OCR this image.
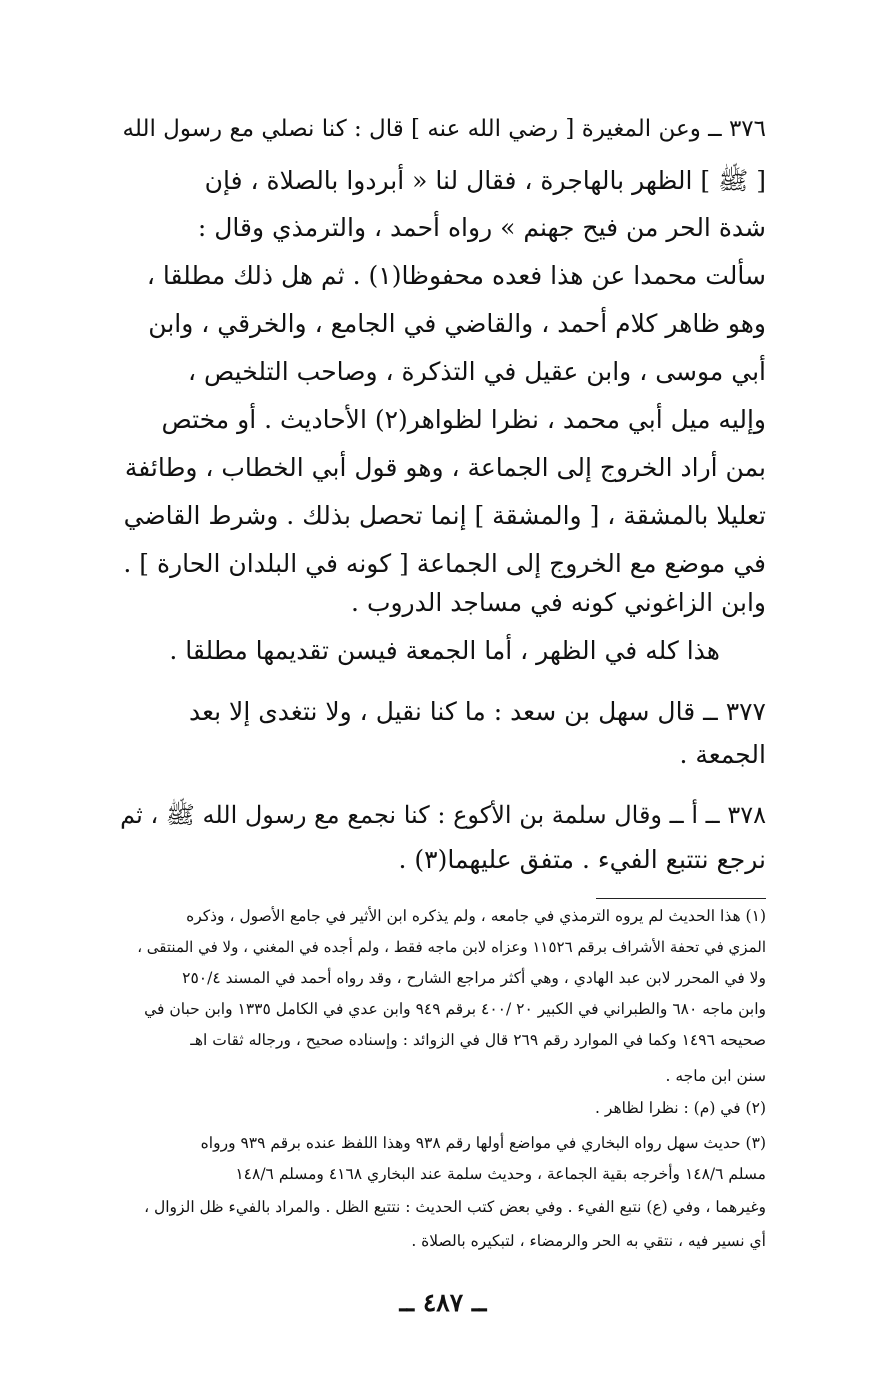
٣٧٦ ــ وعن المغيرة [ رضي الله عنه ] قال : كنا نصلي مع رسول الله
[ ﷺ ] الظهر بالهاجرة ، فقال لنا « أبردوا بالصلاة ، فإن
شدة الحر من فيح جهنم » رواه أحمد ، والترمذي وقال :
سألت محمدا عن هذا فعده محفوظا(١) . ثم هل ذلك مطلقا ،
وهو ظاهر كلام أحمد ، والقاضي في الجامع ، والخرقي ، وابن
أبي موسى ، وابن عقيل في التذكرة ، وصاحب التلخيص ،
وإليه ميل أبي محمد ، نظرا لظواهر(٢) الأحاديث . أو مختص
بمن أراد الخروج إلى الجماعة ، وهو قول أبي الخطاب ، وطائفة
تعليلا بالمشقة ، [ والمشقة ] إنما تحصل بذلك . وشرط القاضي
في موضع مع الخروج إلى الجماعة [ كونه في البلدان الحارة ] .
وابن الزاغوني كونه في مساجد الدروب .
هذا كله في الظهر ، أما الجمعة فيسن تقديمها مطلقا .
٣٧٧ ــ قال سهل بن سعد : ما كنا نقيل ، ولا نتغدى إلا بعد
الجمعة .
٣٧٨ ــ أ ــ وقال سلمة بن الأكوع : كنا نجمع مع رسول الله ﷺ ، ثم
نرجع نتتبع الفيء . متفق عليهما(٣) .
(١) هذا الحديث لم يروه الترمذي في جامعه ، ولم يذكره ابن الأثير في جامع الأصول ، وذكره
المزي في تحفة الأشراف برقم ١١٥٢٦ وعزاه لابن ماجه فقط ، ولم أجده في المغني ، ولا في المنتقى ،
ولا في المحرر لابن عبد الهادي ، وهي أكثر مراجع الشارح ، وقد رواه أحمد في المسند ٢٥٠/٤
وابن ماجه ٦٨٠ والطبراني في الكبير ٢٠ /٤٠٠ برقم ٩٤٩ وابن عدي في الكامل ١٣٣٥ وابن حبان في
صحيحه ١٤٩٦ وكما في الموارد رقم ٢٦٩ قال في الزوائد : وإسناده صحيح ، ورجاله ثقات اهـ
سنن ابن ماجه .
(٢) في (م) : نظرا لظاهر .
(٣) حديث سهل رواه البخاري في مواضع أولها رقم ٩٣٨ وهذا اللفظ عنده برقم ٩٣٩ ورواه
مسلم ١٤٨/٦ وأخرجه بقية الجماعة ، وحديث سلمة عند البخاري ٤١٦٨ ومسلم ١٤٨/٦
وغيرهما ، وفي (ع) نتبع الفيء . وفي بعض كتب الحديث : نتتبع الظل . والمراد بالفيء ظل الزوال ،
أي نسير فيه ، نتقي به الحر والرمضاء ، لتبكيره بالصلاة .
ــ ٤٨٧ ــ
